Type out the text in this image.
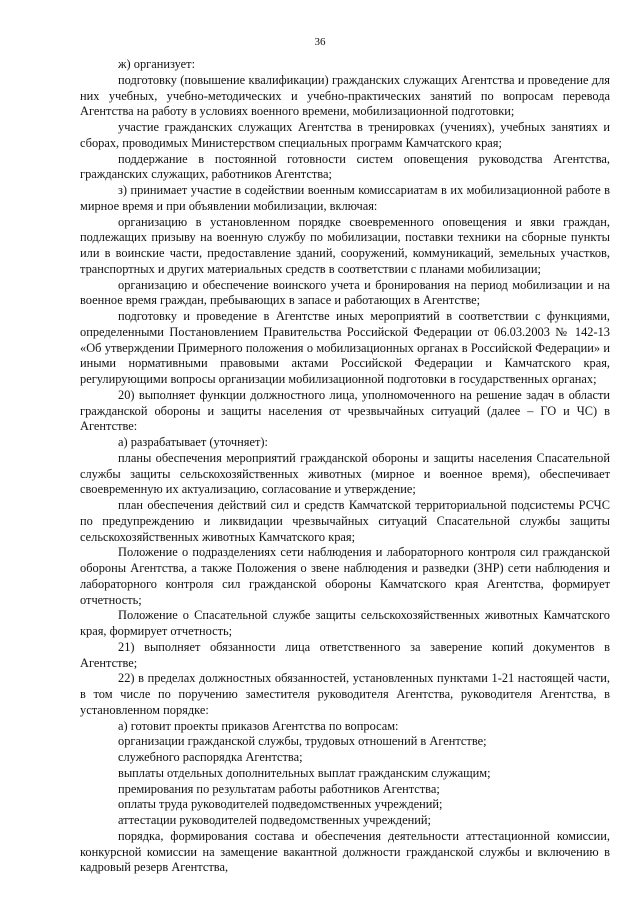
36

ж) организует:

подготовку (повышение квалификации) гражданских служащих Агентства и проведение для них учебных, учебно-методических и учебно-практических занятий по вопросам перевода Агентства на работу в условиях военного времени, мобилизационной подготовки;

участие гражданских служащих Агентства в тренировках (учениях), учебных занятиях и сборах, проводимых Министерством специальных программ Камчатского края;

поддержание в постоянной готовности систем оповещения руководства Агентства, гражданских служащих, работников Агентства;

з) принимает участие в содействии военным комиссариатам в их мобилизационной работе в мирное время и при объявлении мобилизации, включая:

организацию в установленном порядке своевременного оповещения и явки граждан, подлежащих призыву на военную службу по мобилизации, поставки техники на сборные пункты или в воинские части, предоставление зданий, сооружений, коммуникаций, земельных участков, транспортных и других материальных средств в соответствии с планами мобилизации;

организацию и обеспечение воинского учета и бронирования на период мобилизации и на военное время граждан, пребывающих в запасе и работающих в Агентстве;

подготовку и проведение в Агентстве иных мероприятий в соответствии с функциями, определенными Постановлением Правительства Российской Федерации от 06.03.2003 № 142-13 «Об утверждении Примерного положения о мобилизационных органах в Российской Федерации» и иными нормативными правовыми актами Российской Федерации и Камчатского края, регулирующими вопросы организации мобилизационной подготовки в государственных органах;

20) выполняет функции должностного лица, уполномоченного на решение задач в области гражданской обороны и защиты населения от чрезвычайных ситуаций (далее – ГО и ЧС) в Агентстве:

а) разрабатывает (уточняет):

планы обеспечения мероприятий гражданской обороны и защиты населения Спасательной службы защиты сельскохозяйственных животных (мирное и военное время), обеспечивает своевременную их актуализацию, согласование и утверждение;

план обеспечения действий сил и средств Камчатской территориальной подсистемы РСЧС по предупреждению и ликвидации чрезвычайных ситуаций Спасательной службы защиты сельскохозяйственных животных Камчатского края;

Положение о подразделениях сети наблюдения и лабораторного контроля сил гражданской обороны Агентства, а также Положения о звене наблюдения и разведки (ЗНР) сети наблюдения и лабораторного контроля сил гражданской обороны Камчатского края Агентства, формирует отчетность;

Положение о Спасательной службе защиты сельскохозяйственных животных Камчатского края, формирует отчетность;

21) выполняет обязанности лица ответственного за заверение копий документов в Агентстве;

22) в пределах должностных обязанностей, установленных пунктами 1-21 настоящей части, в том числе по поручению заместителя руководителя Агентства, руководителя Агентства, в установленном порядке:

а) готовит проекты приказов Агентства по вопросам:

организации гражданской службы, трудовых отношений в Агентстве;

служебного распорядка Агентства;

выплаты отдельных дополнительных выплат гражданским служащим;

премирования по результатам работы работников Агентства;

оплаты труда руководителей подведомственных учреждений;

аттестации руководителей подведомственных учреждений;

порядка, формирования состава и обеспечения деятельности аттестационной комиссии, конкурсной комиссии на замещение вакантной должности гражданской службы и включению в кадровый резерв Агентства,
